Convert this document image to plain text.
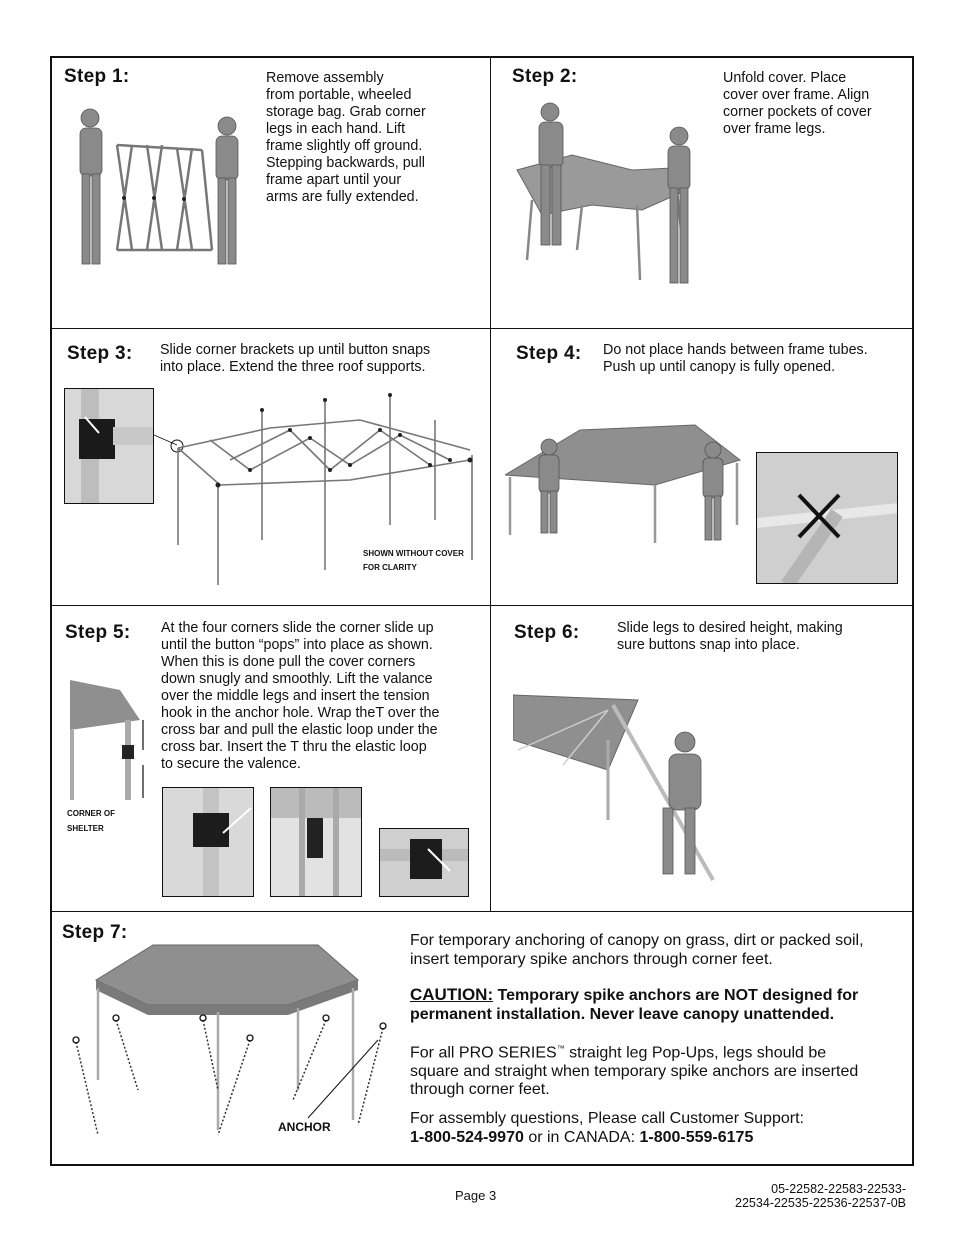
Step 1:	Remove assembly
from portable, wheeled
storage bag. Grab corner
legs in each hand. Lift
frame slightly off ground.
Stepping backwards, pull
frame apart until your
arms are fully extended.
Step 2:	Unfold cover. Place
cover over frame. Align
corner pockets of cover
over frame legs.
Step 3: Slide corner brackets up until button snaps
into place. Extend the three roof supports.
SHOWN WITHOUT COVER
FOR CLARITY
Step 4: Do not place hands between frame tubes.
Push up until canopy is fully opened.
Step 5: At the four corners slide the corner slide up
until the button “pops” into place as shown.
When this is done pull the cover corners
down snugly and smoothly. Lift the valance
over the middle legs and insert the tension
hook in the anchor hole. Wrap theT over the
cross bar and pull the elastic loop under the
cross bar. Insert the T thru the elastic loop
to secure the valence.
CORNER OF
SHELTER
Step 6:	Slide legs to desired height, making
sure buttons snap into place.
Step 7:
ANCHOR
For temporary anchoring of canopy on grass, dirt or packed soil, insert temporary spike anchors through corner feet.
CAUTION: Temporary spike anchors are NOT designed for permanent installation. Never leave canopy unattended.
For all PRO SERIES™ straight leg Pop-Ups, legs should be square and straight when temporary spike anchors are inserted through corner feet.
For assembly questions, Please call Customer Support:
1-800-524-9970 or in CANADA: 1-800-559-6175
Page 3	05-22582-22583-22533-
22534-22535-22536-22537-0B
